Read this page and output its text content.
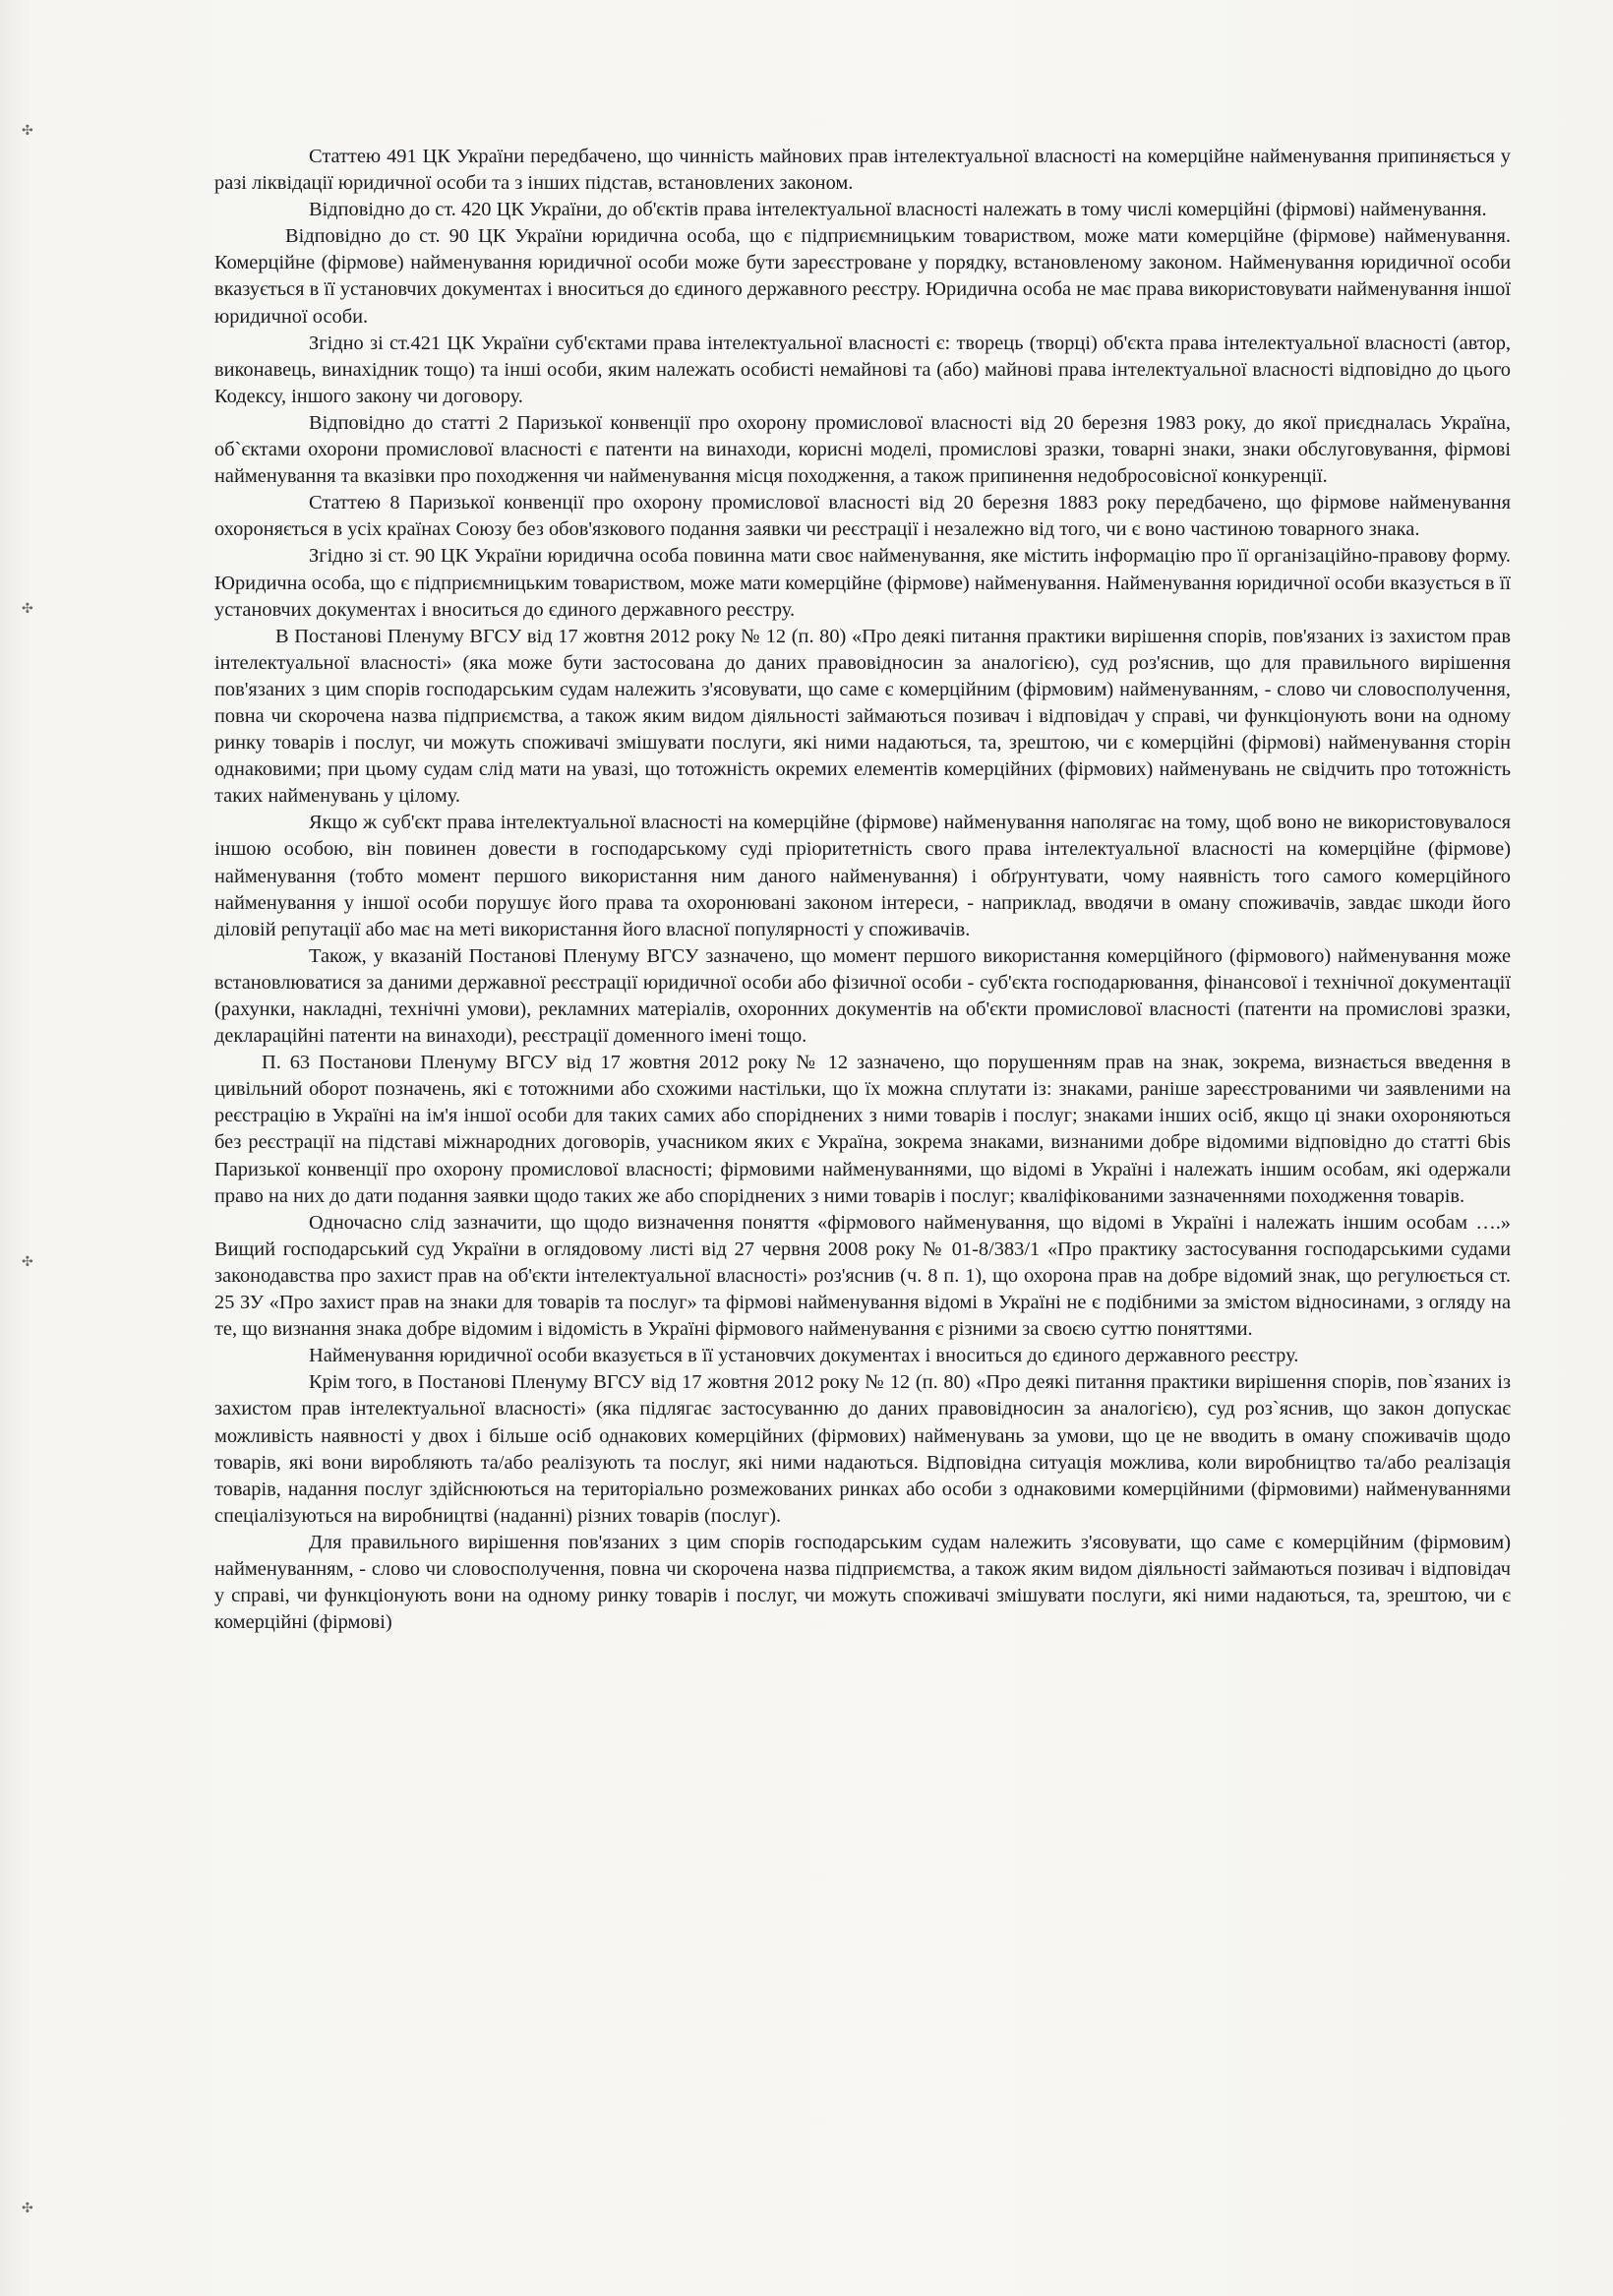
✣
✣
✣
✣

Статтею 491 ЦК України передбачено, що чинність майнових прав інтелектуальної власності на комерційне найменування припиняється у разі ліквідації юридичної особи та з інших підстав, встановлених законом.

Відповідно до ст. 420 ЦК України, до об'єктів права інтелектуальної власності належать в тому числі комерційні (фірмові) найменування.

Відповідно до ст. 90 ЦК України юридична особа, що є підприємницьким товариством, може мати комерційне (фірмове) найменування. Комерційне (фірмове) найменування юридичної особи може бути зареєстроване у порядку, встановленому законом. Найменування юридичної особи вказується в її установчих документах і вноситься до єдиного державного реєстру. Юридична особа не має права використовувати найменування іншої юридичної особи.

Згідно зі ст.421 ЦК України суб'єктами права інтелектуальної власності є: творець (творці) об'єкта права інтелектуальної власності (автор, виконавець, винахідник тощо) та інші особи, яким належать особисті немайнові та (або) майнові права інтелектуальної власності відповідно до цього Кодексу, іншого закону чи договору.

Відповідно до статті 2 Паризької конвенції про охорону промислової власності від 20 березня 1983 року, до якої приєдналась Україна, об`єктами охорони промислової власності є патенти на винаходи, корисні моделі, промислові зразки, товарні знаки, знаки обслуговування, фірмові найменування та вказівки про походження чи найменування місця походження, а також припинення недобросовісної конкуренції.

Статтею 8 Паризької конвенції про охорону промислової власності від 20 березня 1883 року передбачено, що фірмове найменування охороняється в усіх країнах Союзу без обов'язкового подання заявки чи реєстрації і незалежно від того, чи є воно частиною товарного знака.

Згідно зі ст. 90 ЦК України юридична особа повинна мати своє найменування, яке містить інформацію про її організаційно-правову форму. Юридична особа, що є підприємницьким товариством, може мати комерційне (фірмове) найменування. Найменування юридичної особи вказується в її установчих документах і вноситься до єдиного державного реєстру.

В Постанові Пленуму ВГСУ від 17 жовтня 2012 року № 12 (п. 80) «Про деякі питання практики вирішення спорів, пов'язаних із захистом прав інтелектуальної власності» (яка може бути застосована до даних правовідносин за аналогією), суд роз'яснив, що для правильного вирішення пов'язаних з цим спорів господарським судам належить з'ясовувати, що саме є комерційним (фірмовим) найменуванням, - слово чи словосполучення, повна чи скорочена назва підприємства, а також яким видом діяльності займаються позивач і відповідач у справі, чи функціонують вони на одному ринку товарів і послуг, чи можуть споживачі змішувати послуги, які ними надаються, та, зрештою, чи є комерційні (фірмові) найменування сторін однаковими; при цьому судам слід мати на увазі, що тотожність окремих елементів комерційних (фірмових) найменувань не свідчить про тотожність таких найменувань у цілому.

Якщо ж суб'єкт права інтелектуальної власності на комерційне (фірмове) найменування наполягає на тому, щоб воно не використовувалося іншою особою, він повинен довести в господарському суді пріоритетність свого права інтелектуальної власності на комерційне (фірмове) найменування (тобто момент першого використання ним даного найменування) і обґрунтувати, чому наявність того самого комерційного найменування у іншої особи порушує його права та охоронювані законом інтереси, - наприклад, вводячи в оману споживачів, завдає шкоди його діловій репутації або має на меті використання його власної популярності у споживачів.

Також, у вказаній Постанові Пленуму ВГСУ зазначено, що момент першого використання комерційного (фірмового) найменування може встановлюватися за даними державної реєстрації юридичної особи або фізичної особи - суб'єкта господарювання, фінансової і технічної документації (рахунки, накладні, технічні умови), рекламних матеріалів, охоронних документів на об'єкти промислової власності (патенти на промислові зразки, деклараційні патенти на винаходи), реєстрації доменного імені тощо.

П. 63 Постанови Пленуму ВГСУ від 17 жовтня 2012 року № 12 зазначено, що порушенням прав на знак, зокрема, визнається введення в цивільний оборот позначень, які є тотожними або схожими настільки, що їх можна сплутати із: знаками, раніше зареєстрованими чи заявленими на реєстрацію в Україні на ім'я іншої особи для таких самих або споріднених з ними товарів і послуг; знаками інших осіб, якщо ці знаки охороняються без реєстрації на підставі міжнародних договорів, учасником яких є Україна, зокрема знаками, визнаними добре відомими відповідно до статті 6bis Паризької конвенції про охорону промислової власності; фірмовими найменуваннями, що відомі в Україні і належать іншим особам, які одержали право на них до дати подання заявки щодо таких же або споріднених з ними товарів і послуг; кваліфікованими зазначеннями походження товарів.

Одночасно слід зазначити, що щодо визначення поняття «фірмового найменування, що відомі в Україні і належать іншим особам ….» Вищий господарський суд України в оглядовому листі від 27 червня 2008 року № 01-8/383/1 «Про практику застосування господарськими судами законодавства про захист прав на об'єкти інтелектуальної власності» роз'яснив (ч. 8 п. 1), що охорона прав на добре відомий знак, що регулюється ст. 25 ЗУ «Про захист прав на знаки для товарів та послуг» та фірмові найменування відомі в Україні не є подібними за змістом відносинами, з огляду на те, що визнання знака добре відомим і відомість в Україні фірмового найменування є різними за своєю суттю поняттями.

Найменування юридичної особи вказується в її установчих документах і вноситься до єдиного державного реєстру.

Крім того, в Постанові Пленуму ВГСУ від 17 жовтня 2012 року № 12 (п. 80) «Про деякі питання практики вирішення спорів, пов`язаних із захистом прав інтелектуальної власності» (яка підлягає застосуванню до даних правовідносин за аналогією), суд роз`яснив, що закон допускає можливість наявності у двох і більше осіб однакових комерційних (фірмових) найменувань за умови, що це не вводить в оману споживачів щодо товарів, які вони виробляють та/або реалізують та послуг, які ними надаються. Відповідна ситуація можлива, коли виробництво та/або реалізація товарів, надання послуг здійснюються на територіально розмежованих ринках або особи з однаковими комерційними (фірмовими) найменуваннями спеціалізуються на виробництві (наданні) різних товарів (послуг).

Для правильного вирішення пов'язаних з цим спорів господарським судам належить з'ясовувати, що саме є комерційним (фірмовим) найменуванням, - слово чи словосполучення, повна чи скорочена назва підприємства, а також яким видом діяльності займаються позивач і відповідач у справі, чи функціонують вони на одному ринку товарів і послуг, чи можуть споживачі змішувати послуги, які ними надаються, та, зрештою, чи є комерційні (фірмові)
